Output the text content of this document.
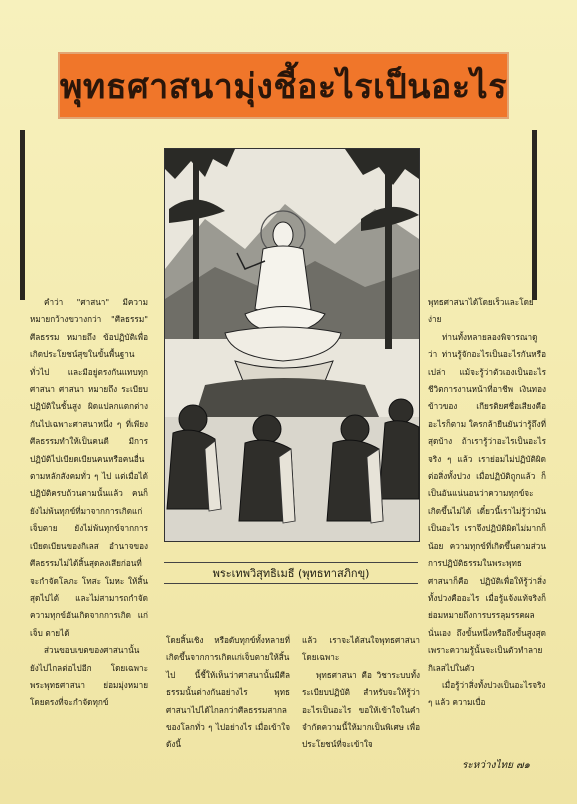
พุทธศาสนามุ่งชี้อะไรเป็นอะไร
พระเทพวิสุทธิเมธี (พุทธทาสภิกขุ)

คำว่า "ศาสนา" มีความหมายกว้างขวางกว่า "ศีลธรรม" ศีลธรรม หมายถึง ข้อปฏิบัติเพื่อเกิดประโยชน์สุขในขั้นพื้นฐานทั่วไป และมีอยู่ตรงกันแทบทุกศาสนา ศาสนา หมายถึง ระเบียบปฏิบัติในชั้นสูง ผิดแปลกแตกต่างกันไปเฉพาะศาสนาหนึ่ง ๆ ที่เพียง ศีลธรรมทำให้เป็นคนดี มีการปฏิบัติไปเบียดเบียนคนหรือคนอื่นตามหลักสังคมทั่ว ๆ ไป แต่เมื่อได้ปฏิบัติครบถ้วนตามนั้นแล้ว คนก็ยังไม่พ้นทุกข์ที่มาจากการเกิดแก่เจ็บตาย ยังไม่พ้นทุกข์จากการเบียดเบียนของกิเลส อำนาจของศีลธรรมไม่ได้สิ้นสุดลงเสียก่อนที่จะกำจัดโลภะ โทสะ โมหะ ให้สิ้นสุดไปได้ และไม่สามารถกำจัดความทุกข์อันเกิดจากการเกิด แก่ เจ็บ ตายได้

ส่วนขอบเขตของศาสนานั้นยังไปไกลต่อไปอีก โดยเฉพาะพระพุทธศาสนา ย่อมมุ่งหมายโดยตรงที่จะกำจัดทุกข์

โดยสิ้นเชิง หรือดับทุกข์ทั้งหลายที่เกิดขึ้นจากการเกิดแก่เจ็บตายให้สิ้นไป นี้ชี้ให้เห็นว่าศาสนานั้นมีศีลธรรมนั้นต่างกันอย่างไร พุทธศาสนาไปได้ไกลกว่าศีลธรรมสากลของโลกทั่ว ๆ ไปอย่างไร เมื่อเข้าใจดังนี้

แล้ว เราจะได้สนใจพุทธศาสนาโดยเฉพาะ

พุทธศาสนา คือ วิชาระบบทั้งระเบียบปฏิบัติ สำหรับจะให้รู้ว่าอะไรเป็นอะไร ขอให้เข้าใจในคำจำกัดความนี้ให้มากเป็นพิเศษ เพื่อประโยชน์ที่จะเข้าใจ

พุทธศาสนาได้โดยเร็วและโดยง่าย

ท่านทั้งหลายลองพิจารณาดูว่า ท่านรู้จักอะไรเป็นอะไรกันหรือเปล่า แม้จะรู้ว่าตัวเองเป็นอะไร ชีวิตการงานหน้าที่อาชีพ เงินทองข้าวของ เกียรติยศชื่อเสียงคืออะไรก็ตาม ใครกล้ายืนยันว่ารู้ถึงที่สุดบ้าง ถ้าเรารู้ว่าอะไรเป็นอะไรจริง ๆ แล้ว เราย่อมไม่ปฏิบัติผิดต่อสิ่งทั้งปวง เมื่อปฏิบัติถูกแล้ว ก็เป็นอันแน่นอนว่าความทุกข์จะเกิดขึ้นไม่ได้ เดี๋ยวนี้เราไม่รู้ว่ามันเป็นอะไร เราจึงปฏิบัติผิดไม่มากก็น้อย ความทุกข์ที่เกิดขึ้นตามส่วน การปฏิบัติธรรมในพระพุทธศาสนาก็คือ ปฏิบัติเพื่อให้รู้ว่าสิ่งทั้งปวงคืออะไร เมื่อรู้แจ้งแท้จริงก็ย่อมหมายถึงการบรรลุมรรคผลนั่นเอง ถึงขั้นหนึ่งหรือถึงขั้นสูงสุดเพราะความรู้นั้นจะเป็นตัวทำลายกิเลสไปในตัว

เมื่อรู้ว่าสิ่งทั้งปวงเป็นอะไรจริง ๆ แล้ว ความเบื่อ

ระหว่างไทย ๗๑
